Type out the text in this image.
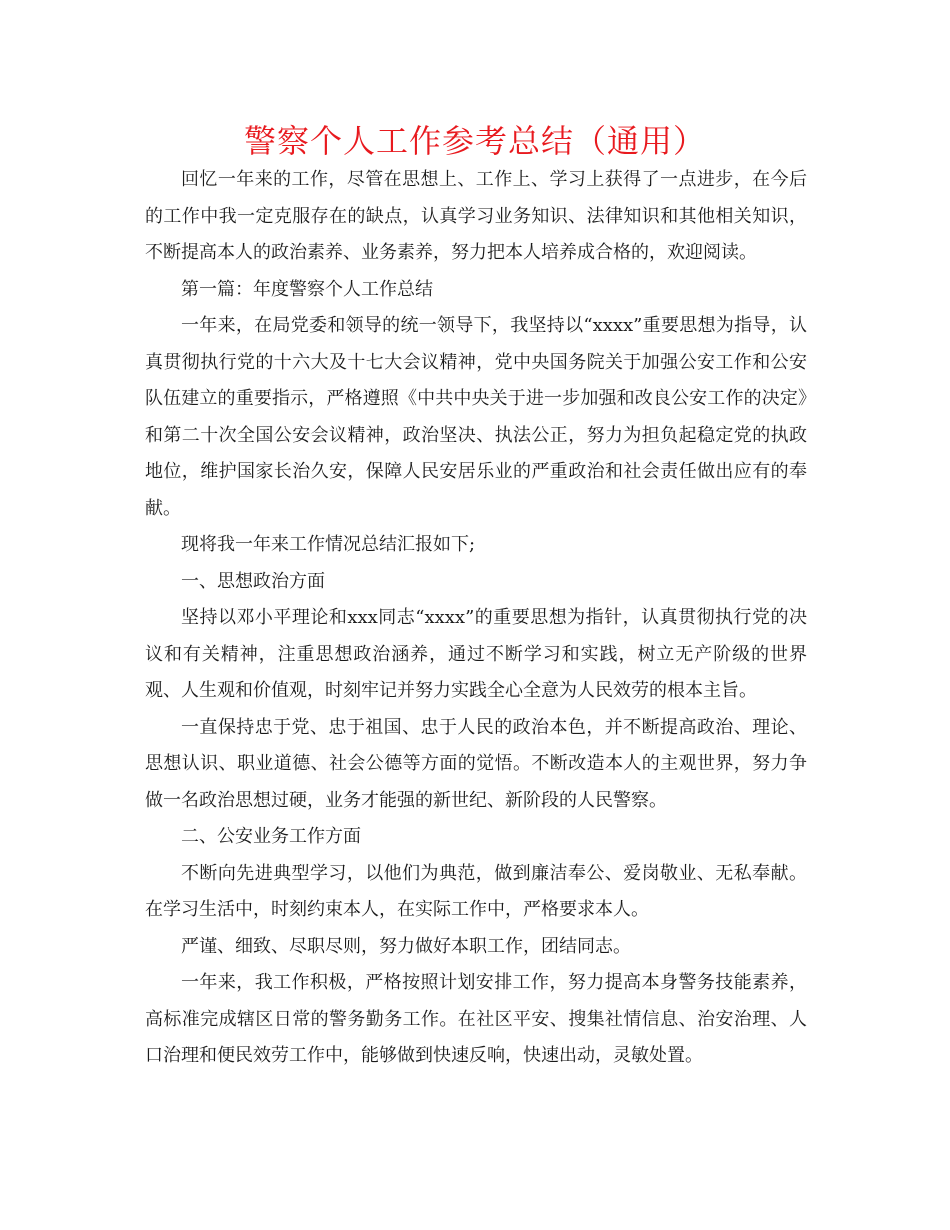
警察个人工作参考总结（通用）

回忆一年来的工作，尽管在思想上、工作上、学习上获得了一点进步，在今后的工作中我一定克服存在的缺点，认真学习业务知识、法律知识和其他相关知识，不断提高本人的政治素养、业务素养，努力把本人培养成合格的，欢迎阅读。

第一篇：年度警察个人工作总结

一年来，在局党委和领导的统一领导下，我坚持以“xxxx”重要思想为指导，认真贯彻执行党的十六大及十七大会议精神，党中央国务院关于加强公安工作和公安队伍建立的重要指示，严格遵照《中共中央关于进一步加强和改良公安工作的决定》和第二十次全国公安会议精神，政治坚决、执法公正，努力为担负起稳定党的执政地位，维护国家长治久安，保障人民安居乐业的严重政治和社会责任做出应有的奉献。

现将我一年来工作情况总结汇报如下;

一、思想政治方面

坚持以邓小平理论和xxx同志“xxxx”的重要思想为指针，认真贯彻执行党的决议和有关精神，注重思想政治涵养，通过不断学习和实践，树立无产阶级的世界观、人生观和价值观，时刻牢记并努力实践全心全意为人民效劳的根本主旨。

一直保持忠于党、忠于祖国、忠于人民的政治本色，并不断提高政治、理论、思想认识、职业道德、社会公德等方面的觉悟。不断改造本人的主观世界，努力争做一名政治思想过硬，业务才能强的新世纪、新阶段的人民警察。

二、公安业务工作方面

不断向先进典型学习，以他们为典范，做到廉洁奉公、爱岗敬业、无私奉献。在学习生活中，时刻约束本人，在实际工作中，严格要求本人。

严谨、细致、尽职尽则，努力做好本职工作，团结同志。

一年来，我工作积极，严格按照计划安排工作，努力提高本身警务技能素养，高标准完成辖区日常的警务勤务工作。在社区平安、搜集社情信息、治安治理、人口治理和便民效劳工作中，能够做到快速反响，快速出动，灵敏处置。
